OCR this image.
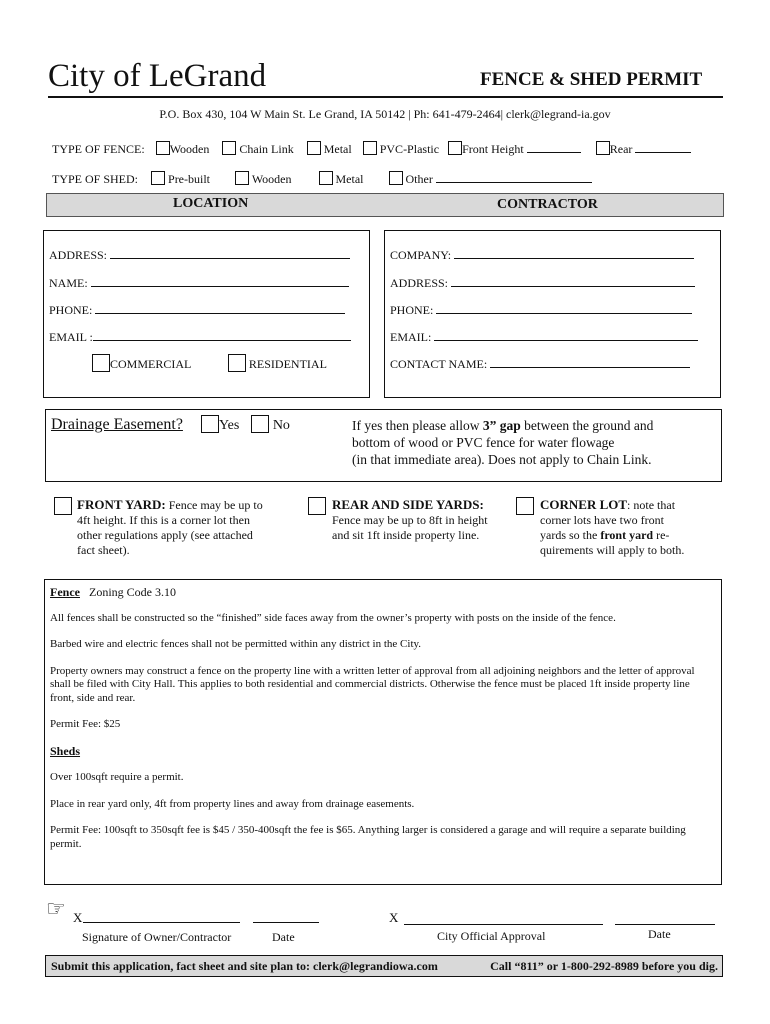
City of LeGrand	FENCE & SHED PERMIT
P.O. Box 430, 104 W Main St. Le Grand, IA 50142 | Ph: 641-479-2464| clerk@legrand-ia.gov
TYPE OF FENCE: Wooden	Chain Link	Metal PVC-Plastic Front Height	Rear
TYPE OF SHED:	Pre-built	Wooden	Metal	Other
LOCATION	CONTRACTOR
ADDRESS:
NAME:
PHONE:
EMAIL :
COMMERCIAL	RESIDENTIAL
COMPANY:
ADDRESS:
PHONE:
EMAIL:
CONTACT NAME:
Drainage Easement?	Yes No	If yes then please allow 3” gap between the ground and
bottom of wood or PVC fence for water flowage
(in that immediate area). Does not apply to Chain Link.
FRONT YARD: Fence may be up to
4ft height. If this is a corner lot then
other regulations apply (see attached
fact sheet).
REAR AND SIDE YARDS:
Fence may be up to 8ft in height
and sit 1ft inside property line.
CORNER LOT: note that
corner lots have two front
yards so the front yard re-
quirements will apply to both.

Fence Zoning Code 3.10

All fences shall be constructed so the “finished” side faces away from the owner’s property with posts on the inside of the fence.

Barbed wire and electric fences shall not be permitted within any district in the City.

Property owners may construct a fence on the property line with a written letter of approval from all adjoining neighbors and the letter of approval shall be filed with City Hall. This applies to both residential and commercial districts. Otherwise the fence must be placed 1ft inside property line front, side and rear.

Permit Fee: $25

Sheds

Over 100sqft require a permit.

Place in rear yard only, 4ft from property lines and away from drainage easements.

Permit Fee: 100sqft to 350sqft fee is $45 / 350-400sqft the fee is $65. Anything larger is considered a garage and will require a separate building permit.

☞ X
Signature of Owner/Contractor	Date
X
City Official Approval	Date
Submit this application, fact sheet and site plan to: clerk@legrandiowa.com	Call “811” or 1-800-292-8989 before you dig.
